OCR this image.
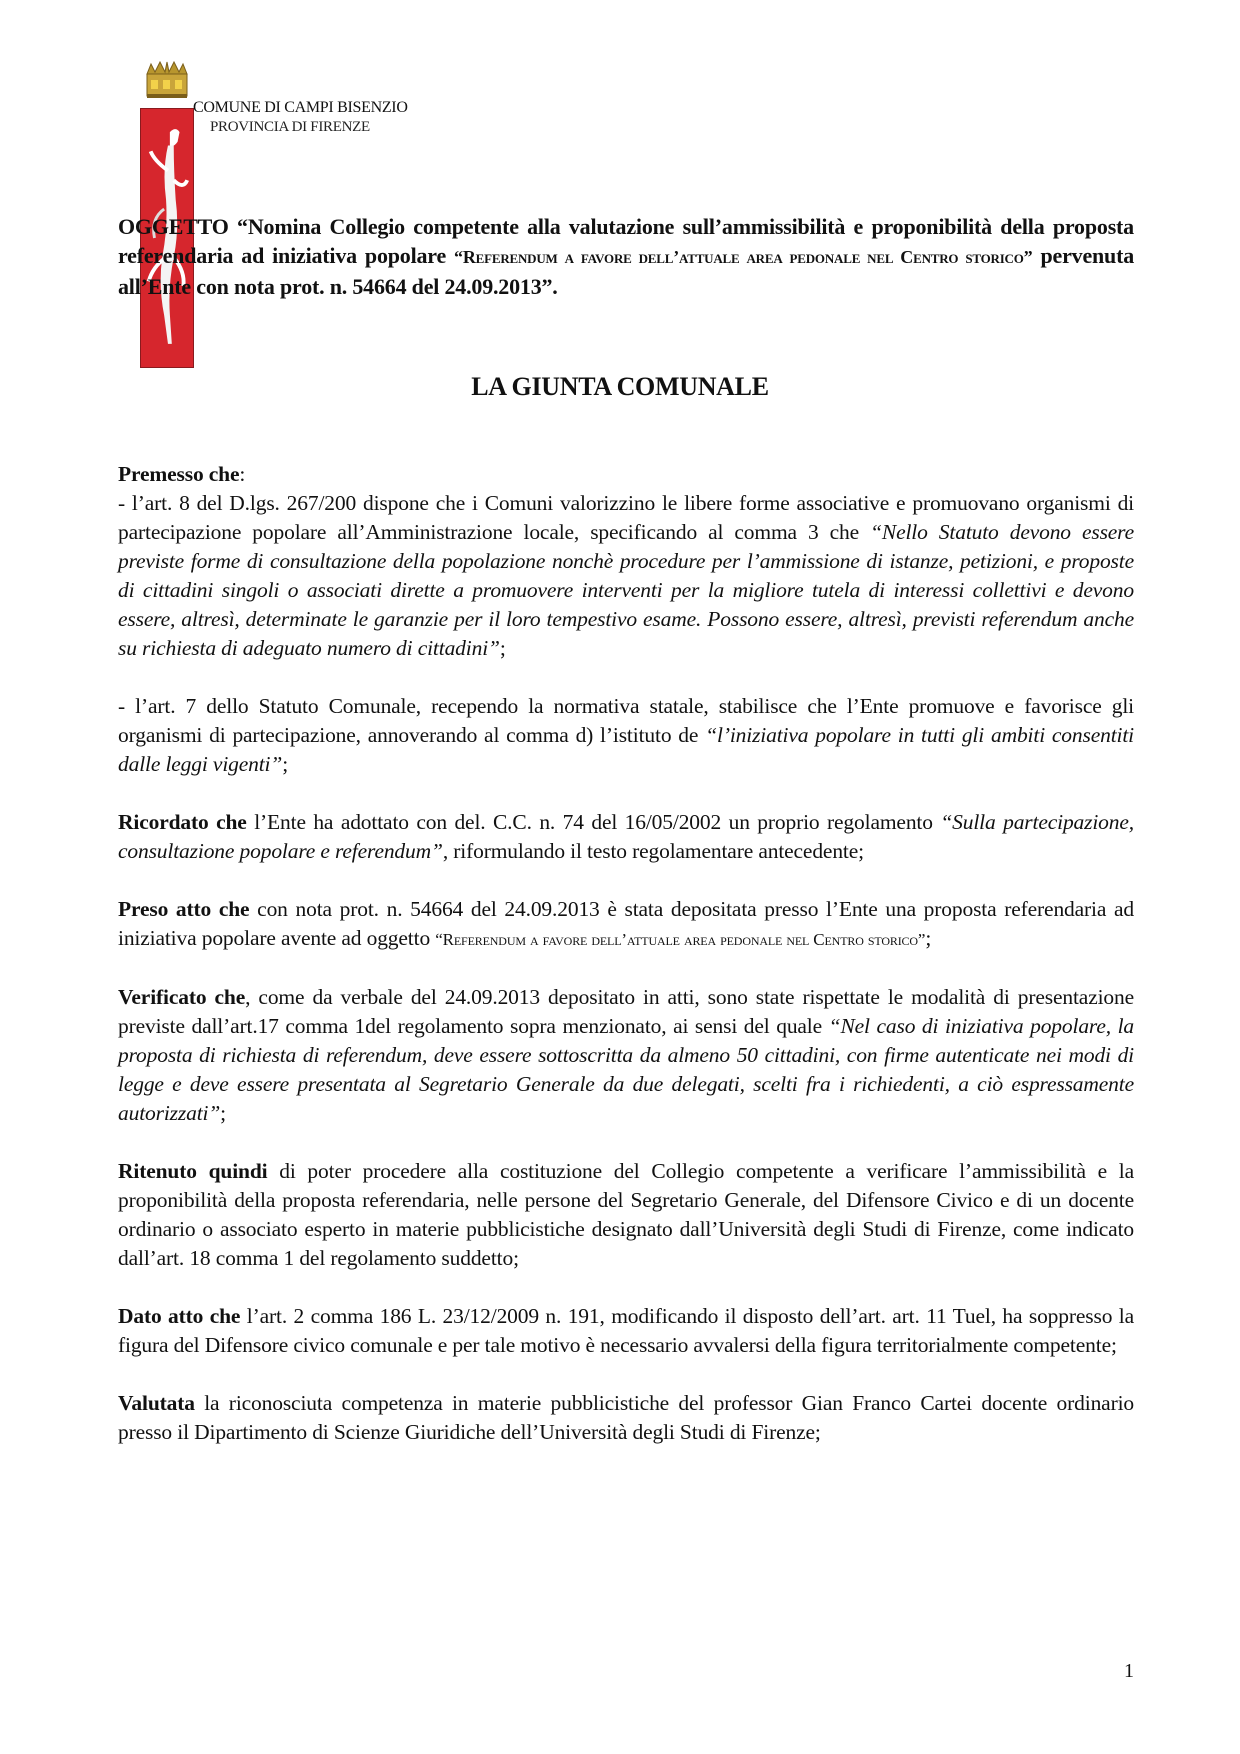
COMUNE DI CAMPI BISENZIO
PROVINCIA DI FIRENZE
OGGETTO “Nomina Collegio competente alla valutazione sull’ammissibilità e proponibilità della proposta referendaria ad iniziativa popolare “Referendum a favore dell’attuale area pedonale nel Centro storico” pervenuta all’Ente con nota prot. n. 54664 del 24.09.2013”.
LA GIUNTA COMUNALE

Premesso che:
- l’art. 8 del D.lgs. 267/200 dispone che i Comuni valorizzino le libere forme associative e promuovano organismi di partecipazione popolare all’Amministrazione locale, specificando al comma 3 che “Nello Statuto devono essere previste forme di consultazione della popolazione nonchè procedure per l’ammissione di istanze, petizioni, e proposte di cittadini singoli o associati dirette a promuovere interventi per la migliore tutela di interessi collettivi e devono essere, altresì, determinate le garanzie per il loro tempestivo esame. Possono essere, altresì, previsti referendum anche su richiesta di adeguato numero di cittadini”;

- l’art. 7 dello Statuto Comunale, recependo la normativa statale, stabilisce che l’Ente promuove e favorisce gli organismi di partecipazione, annoverando al comma d) l’istituto de “l’iniziativa popolare in tutti gli ambiti consentiti dalle leggi vigenti”;

Ricordato che l’Ente ha adottato con del. C.C. n. 74 del 16/05/2002 un proprio regolamento “Sulla partecipazione, consultazione popolare e referendum”, riformulando il testo regolamentare antecedente;

Preso atto che con nota prot. n. 54664 del 24.09.2013 è stata depositata presso l’Ente una proposta referendaria ad iniziativa popolare avente ad oggetto “Referendum a favore dell’attuale area pedonale nel Centro storico”;

Verificato che, come da verbale del 24.09.2013 depositato in atti, sono state rispettate le modalità di presentazione previste dall’art.17 comma 1del regolamento sopra menzionato, ai sensi del quale “Nel caso di iniziativa popolare, la proposta di richiesta di referendum, deve essere sottoscritta da almeno 50 cittadini, con firme autenticate nei modi di legge e deve essere presentata al Segretario Generale da due delegati, scelti fra i richiedenti, a ciò espressamente autorizzati”;

Ritenuto quindi di poter procedere alla costituzione del Collegio competente a verificare l’ammissibilità e la proponibilità della proposta referendaria, nelle persone del Segretario Generale, del Difensore Civico e di un docente ordinario o associato esperto in materie pubblicistiche designato dall’Università degli Studi di Firenze, come indicato dall’art. 18 comma 1 del regolamento suddetto;

Dato atto che l’art. 2 comma 186 L. 23/12/2009 n. 191, modificando il disposto dell’art. art. 11 Tuel, ha soppresso la figura del Difensore civico comunale e per tale motivo è necessario avvalersi della figura territorialmente competente;

Valutata la riconosciuta competenza in materie pubblicistiche del professor Gian Franco Cartei docente ordinario presso il Dipartimento di Scienze Giuridiche dell’Università degli Studi di Firenze;

1
